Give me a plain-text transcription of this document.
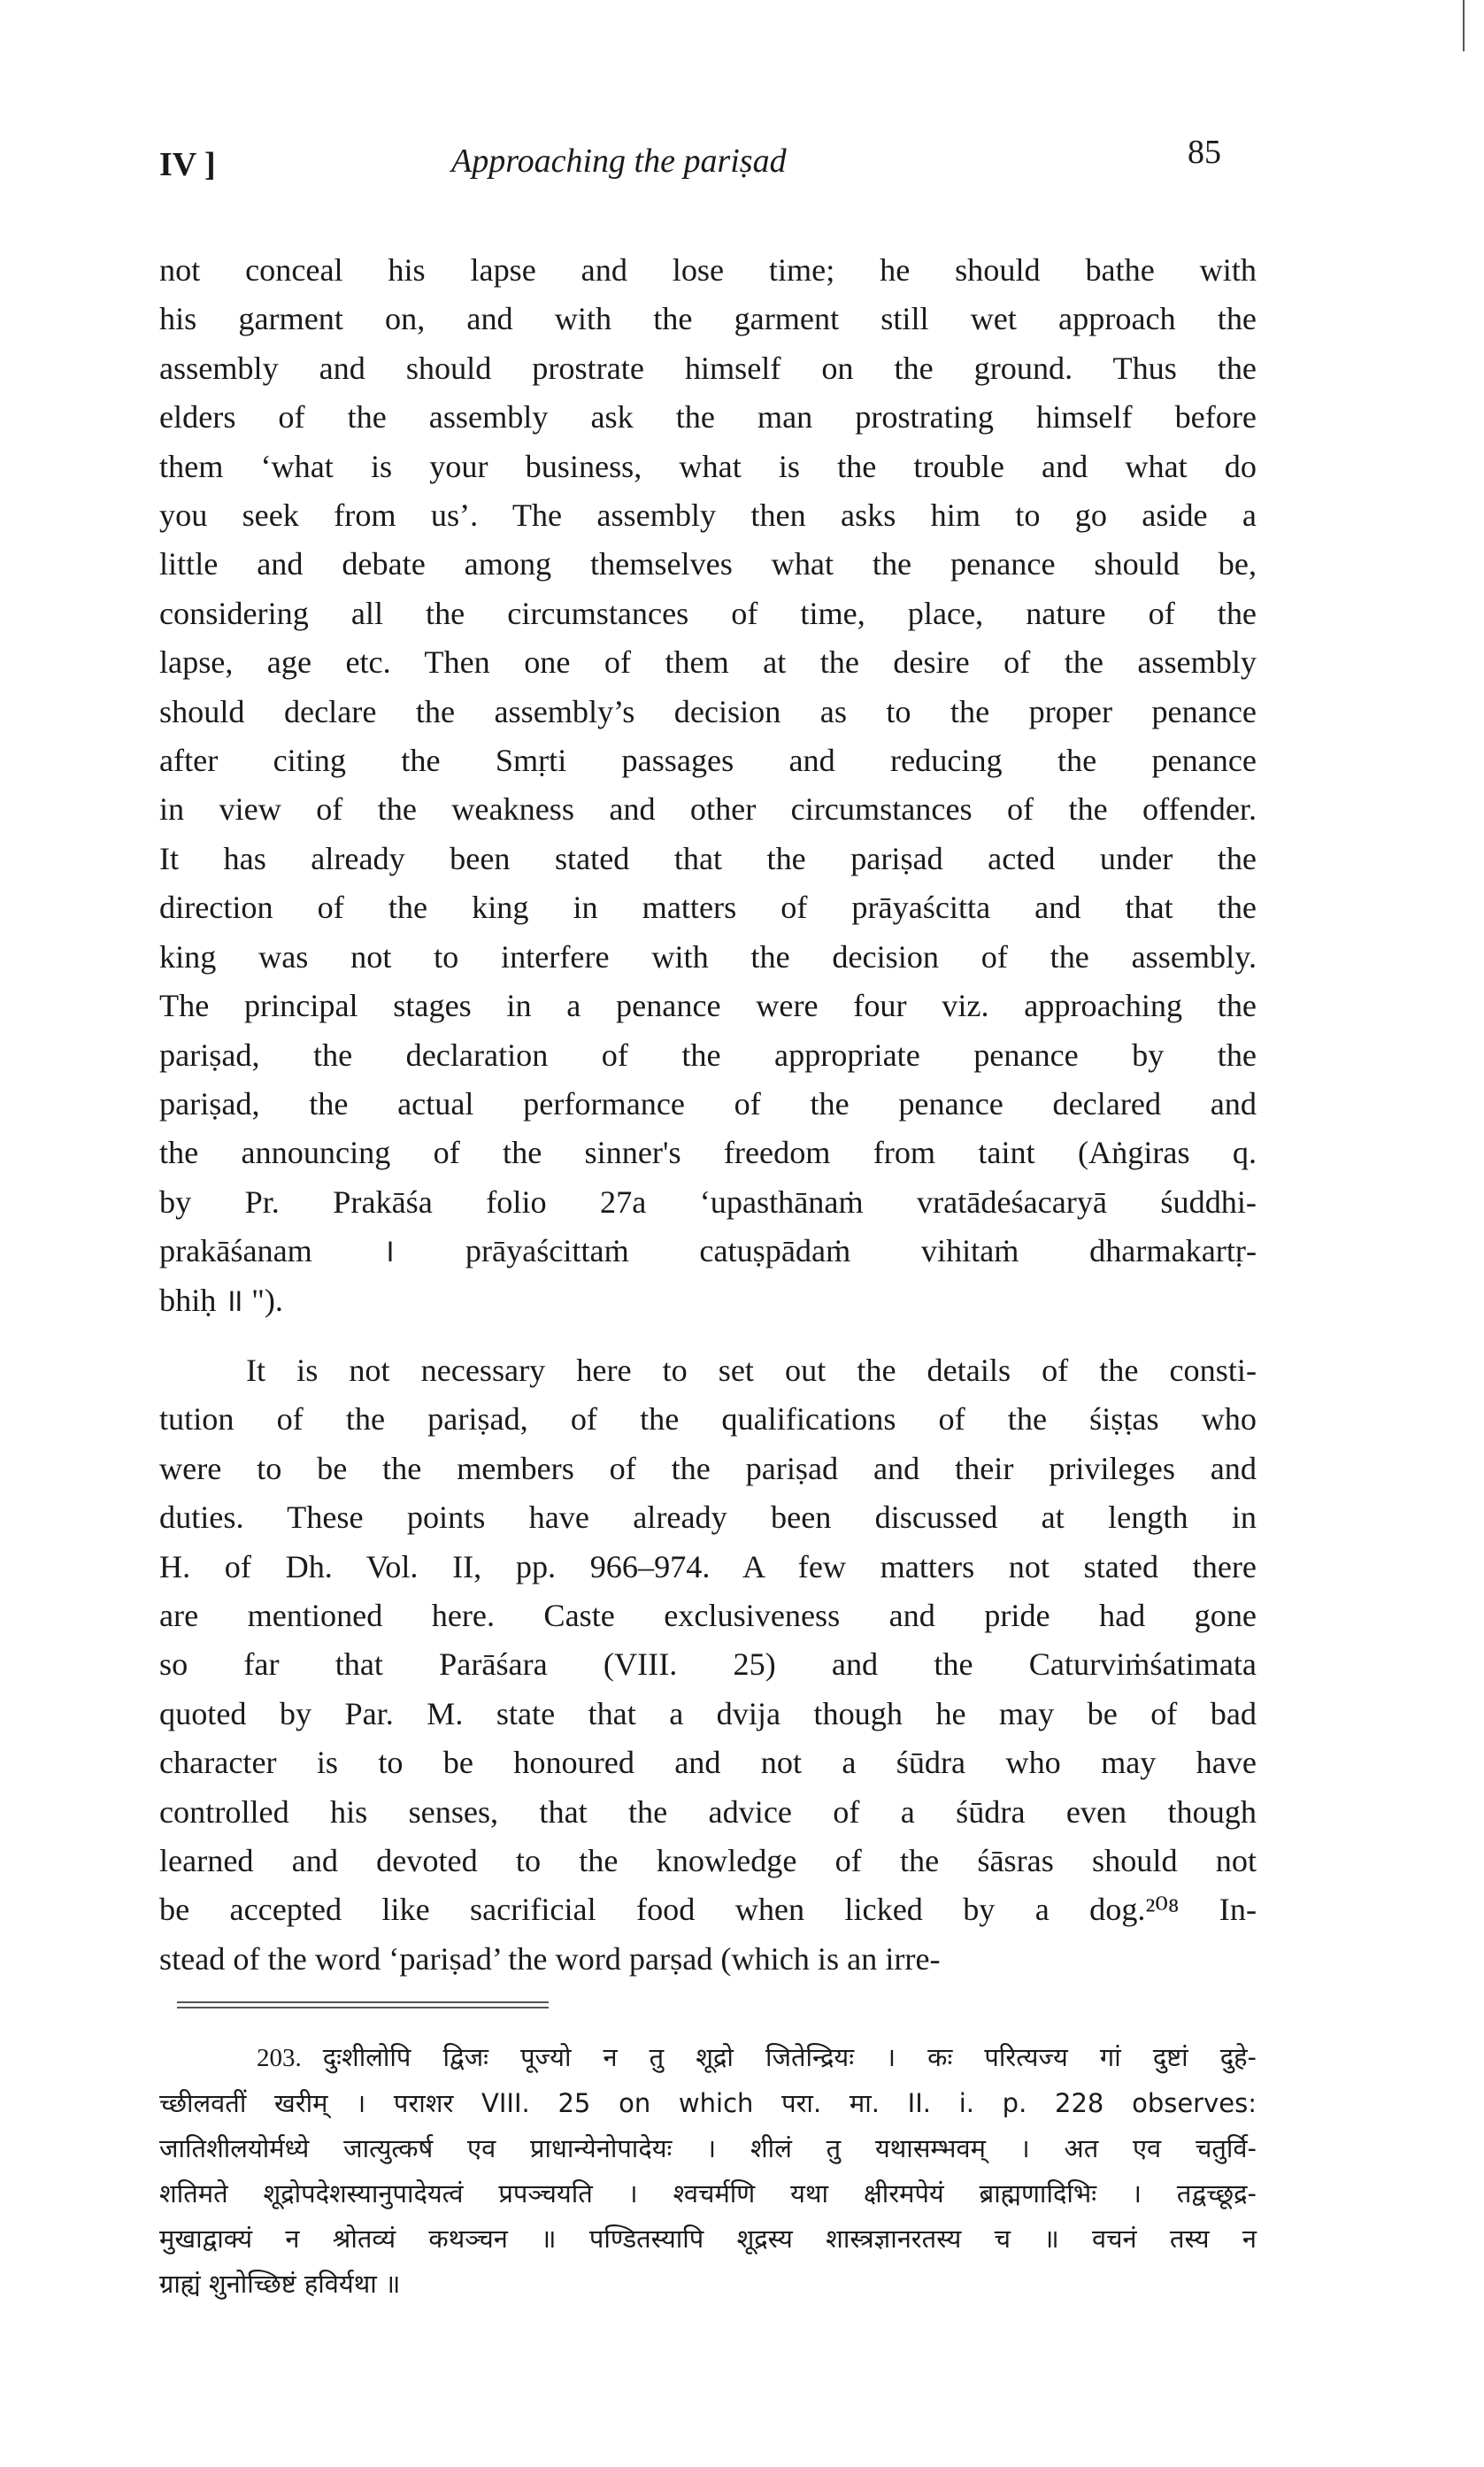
IV ]	Approaching the pariṣad	85

not conceal his lapse and lose time; he should bathe with
his garment on, and with the garment still wet approach the
assembly and should prostrate himself on the ground. Thus the
elders of the assembly ask the man prostrating himself before
them ‘what is your business, what is the trouble and what do
you seek from us’. The assembly then asks him to go aside a
little and debate among themselves what the penance should be,
considering all the circumstances of time, place, nature of the
lapse, age etc. Then one of them at the desire of the assembly
should declare the assembly’s decision as to the proper penance
after citing the Smṛti passages and reducing the penance
in view of the weakness and other circumstances of the offender.
It has already been stated that the pariṣad acted under the
direction of the king in matters of prāyaścitta and that the
king was not to interfere with the decision of the assembly.
The principal stages in a penance were four viz. approaching the
pariṣad, the declaration of the appropriate penance by the
pariṣad, the actual performance of the penance declared and
the announcing of the sinner's freedom from taint (Aṅgiras q.
by Pr. Prakāśa folio 27a ‘upasthānaṁ vratādeśacaryā śuddhi-
prakāśanam । prāyaścittaṁ catuṣpādaṁ vihitaṁ dharmakartṛ-
bhiḥ ॥ ").

It is not necessary here to set out the details of the consti-
tution of the pariṣad, of the qualifications of the śiṣṭas who
were to be the members of the pariṣad and their privileges and
duties. These points have already been discussed at length in
H. of Dh. Vol. II, pp. 966–974. A few matters not stated there
are mentioned here. Caste exclusiveness and pride had gone
so far that Parāśara (VIII. 25) and the Caturviṁśatimata
quoted by Par. M. state that a dvija though he may be of bad
character is to be honoured and not a śūdra who may have
controlled his senses, that the advice of a śūdra even though
learned and devoted to the knowledge of the śāsras should not
be accepted like sacrificial food when licked by a dog.²⁰⁸ In-
stead of the word ‘pariṣad’ the word parṣad (which is an irre-

203. दुःशीलोपि द्विजः पूज्यो न तु शूद्रो जितेन्द्रियः । कः परित्यज्य गां दुष्टां दुहे-
च्छीलवतीं खरीम् । पराशर VIII. 25 on which परा. मा. II. i. p. 228 observes:
जातिशीलयोर्मध्ये जात्युत्कर्ष एव प्राधान्येनोपादेयः । शीलं तु यथासम्भवम् । अत एव चतुर्वि-
शतिमते शूद्रोपदेशस्यानुपादेयत्वं प्रपञ्चयति । श्वचर्मणि यथा क्षीरमपेयं ब्राह्मणादिभिः । तद्वच्छूद्र-
मुखाद्वाक्यं न श्रोतव्यं कथञ्चन ॥ पण्डितस्यापि शूद्रस्य शास्त्रज्ञानरतस्य च ॥ वचनं तस्य न
ग्राह्यं शुनोच्छिष्टं हविर्यथा ॥
